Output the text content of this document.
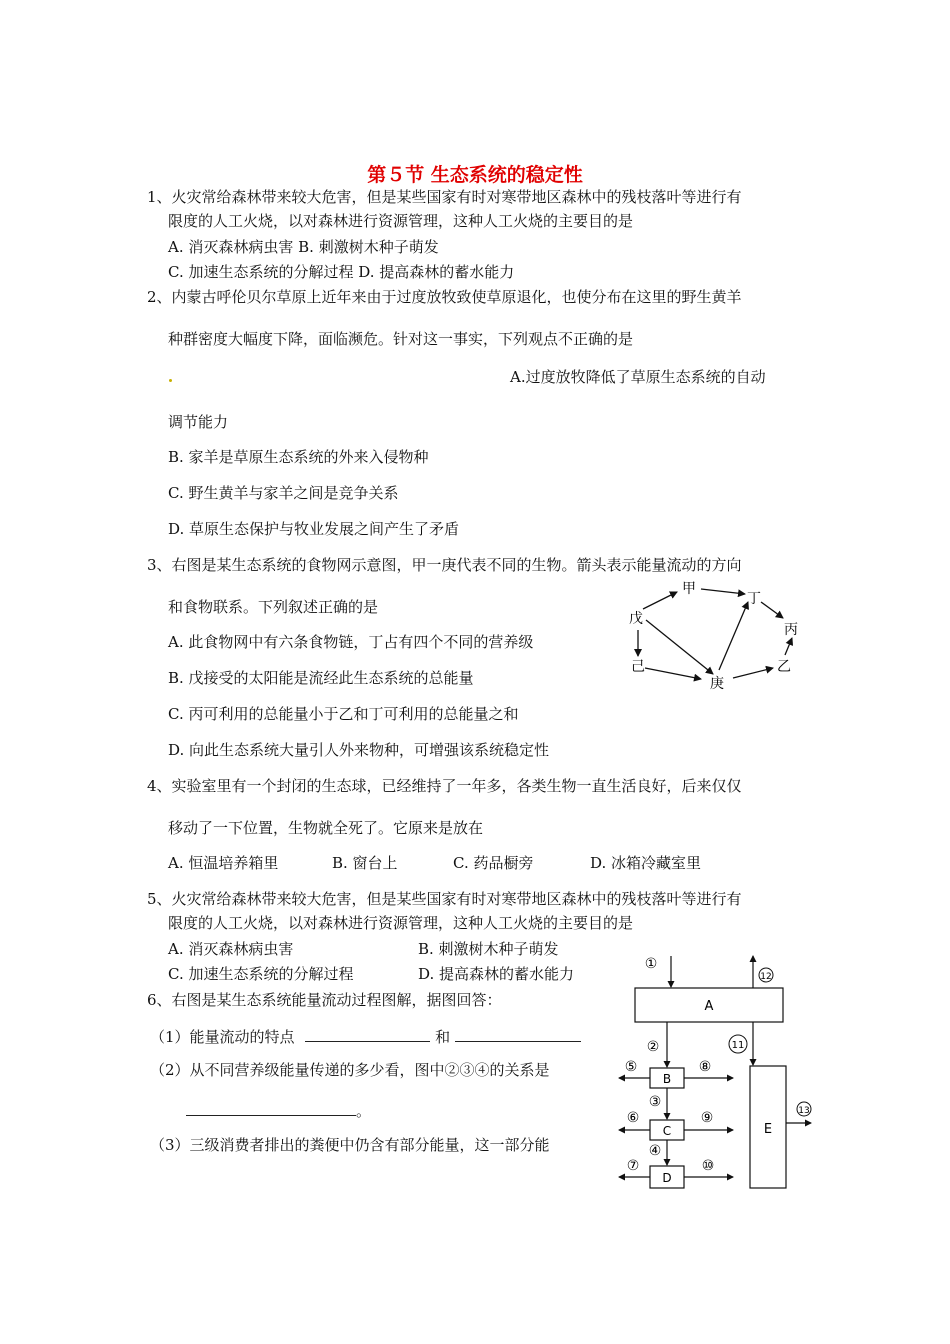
第５节 生态系统的稳定性
1、火灾常给森林带来较大危害，但是某些国家有时对寒带地区森林中的残枝落叶等进行有
限度的人工火烧，以对森林进行资源管理，这种人工火烧的主要目的是
A. 消灭森林病虫害 B. 刺激树木种子萌发
C. 加速生态系统的分解过程 D. 提高森林的蓄水能力
2、内蒙古呼伦贝尔草原上近年来由于过度放牧致使草原退化，也使分布在这里的野生黄羊
种群密度大幅度下降，面临濒危。针对这一事实，下列观点不正确的是
A.过度放牧降低了草原生态系统的自动
调节能力
B. 家羊是草原生态系统的外来入侵物种
C. 野生黄羊与家羊之间是竞争关系
D. 草原生态保护与牧业发展之间产生了矛盾
3、右图是某生态系统的食物网示意图，甲一庚代表不同的生物。箭头表示能量流动的方向
和食物联系。下列叙述正确的是
A. 此食物网中有六条食物链，丁占有四个不同的营养级
B. 戊接受的太阳能是流经此生态系统的总能量
C. 丙可利用的总能量小于乙和丁可利用的总能量之和
D. 向此生态系统大量引人外来物种，可增强该系统稳定性
甲
丁
戊
丙
己
庚
乙
4、实验室里有一个封闭的生态球，已经维持了一年多，各类生物一直生活良好，后来仅仅
移动了一下位置，生物就全死了。它原来是放在
A. 恒温培养箱里	B. 窗台上	C. 药品橱旁	D. 冰箱冷藏室里
5、火灾常给森林带来较大危害，但是某些国家有时对寒带地区森林中的残枝落叶等进行有
限度的人工火烧，以对森林进行资源管理，这种人工火烧的主要目的是
A. 消灭森林病虫害	B. 刺激树木种子萌发
C. 加速生态系统的分解过程	D. 提高森林的蓄水能力
6、右图是某生态系统能量流动过程图解，据图回答：
（1）能量流动的特点	和
（2）从不同营养级能量传递的多少看，图中②③④的关系是
。
（3）三级消费者排出的粪便中仍含有部分能量，这一部分能
A
B
C
D
E
①
12
②	11
⑤	⑧
③
⑥	⑨	13
④
⑦	⑩
